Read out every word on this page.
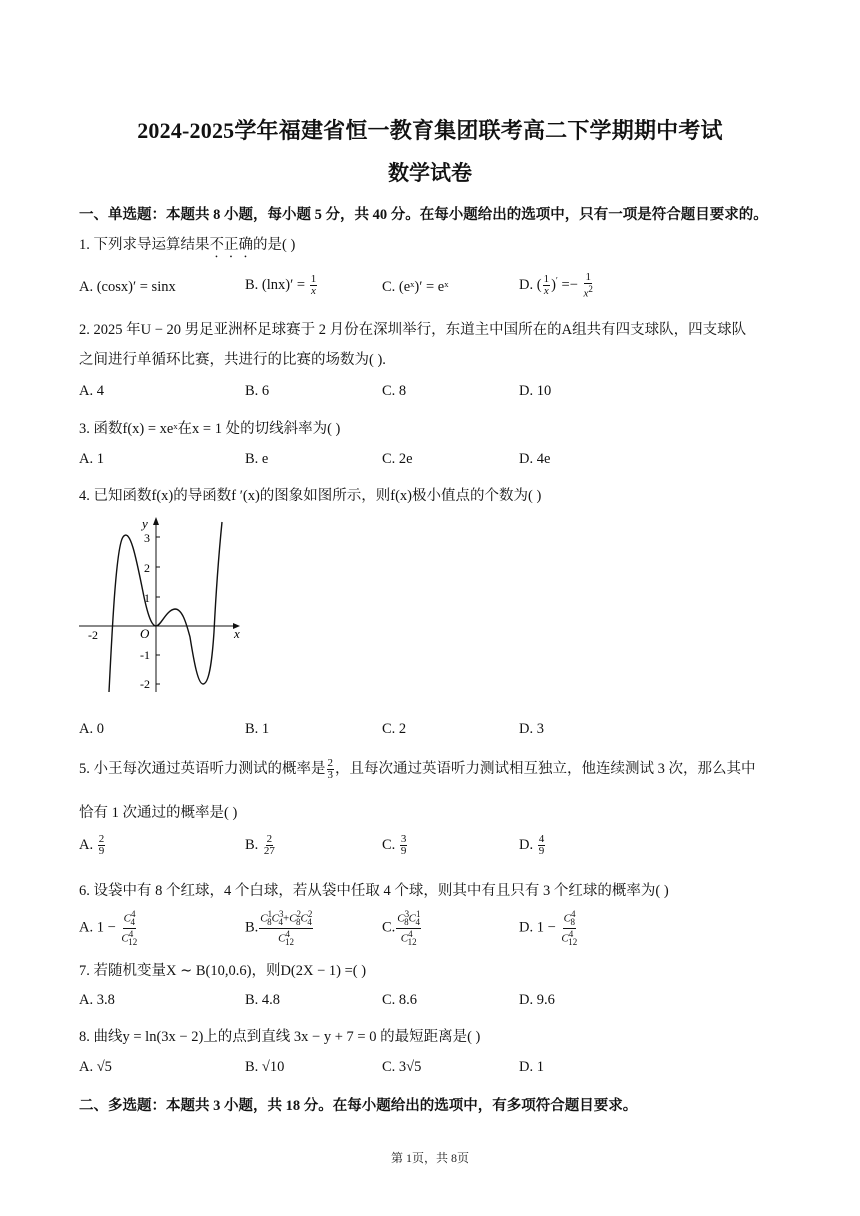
2024-2025学年福建省恒一教育集团联考高二下学期期中考试
数学试卷
一、单选题：本题共 8 小题，每小题 5 分，共 40 分。在每小题给出的选项中，只有一项是符合题目要求的。
1. 下列求导运算结果不正确的是( )
A. (cosx)′ = sinx	B. $(\ln x)' = \frac{1}{x}$	C. (eˣ)′ = eˣ	D. ( $\frac{1}{x} )' =- \frac{1}{x^2}$
2. 2025 年U − 20 男足亚洲杯足球赛于 2 月份在深圳举行，东道主中国所在的A组共有四支球队，四支球队
之间进行单循环比赛，共进行的比赛的场数为( ).
A. 4	B. 6	C. 8	D. 10
3. 函数f(x) = xeˣ在x = 1 处的切线斜率为( )
A. 1	B. e	C. 2e	D. 4e
4. 已知函数f(x)的导函数f ′(x)的图象如图所示，则f(x)极小值点的个数为( )
y
x
O
3
2
1
-1
-2
-2
A. 0	B. 1	C. 2	D. 3
5. 小王每次通过英语听力测试的概率是 $\frac{2}{3}$ ，且每次通过英语听力测试相互独立，他连续测试 3 次，那么其中
恰有 1 次通过的概率是( )
A. $\frac{2}{9}$	B. $\frac{2}{27}$	C. $\frac{3}{9}$	D. $\frac{4}{9}$
6. 设袋中有 8 个红球，4 个白球，若从袋中任取 4 个球，则其中有且只有 3 个红球的概率为( )
A. $1 - \frac{C^4_4}{C^4_{12}}$	B. $\frac{C^1_8C^3_4+C^2_8C^2_4}{C^4_{12}}$	C. $\frac{C^3_8C^1_4}{C^4_{12}}$	D. $1 - \frac{C^4_8}{C^4_{12}}$
7. 若随机变量X ∼ B(10,0.6)，则D(2X − 1) =( )
A. 3.8	B. 4.8	C. 8.6	D. 9.6
8. 曲线y = ln(3x − 2)上的点到直线 3x − y + 7 = 0 的最短距离是( )
A. √5	B. √10	C. 3√5	D. 1
二、多选题：本题共 3 小题，共 18 分。在每小题给出的选项中，有多项符合题目要求。
第 1页，共 8页
